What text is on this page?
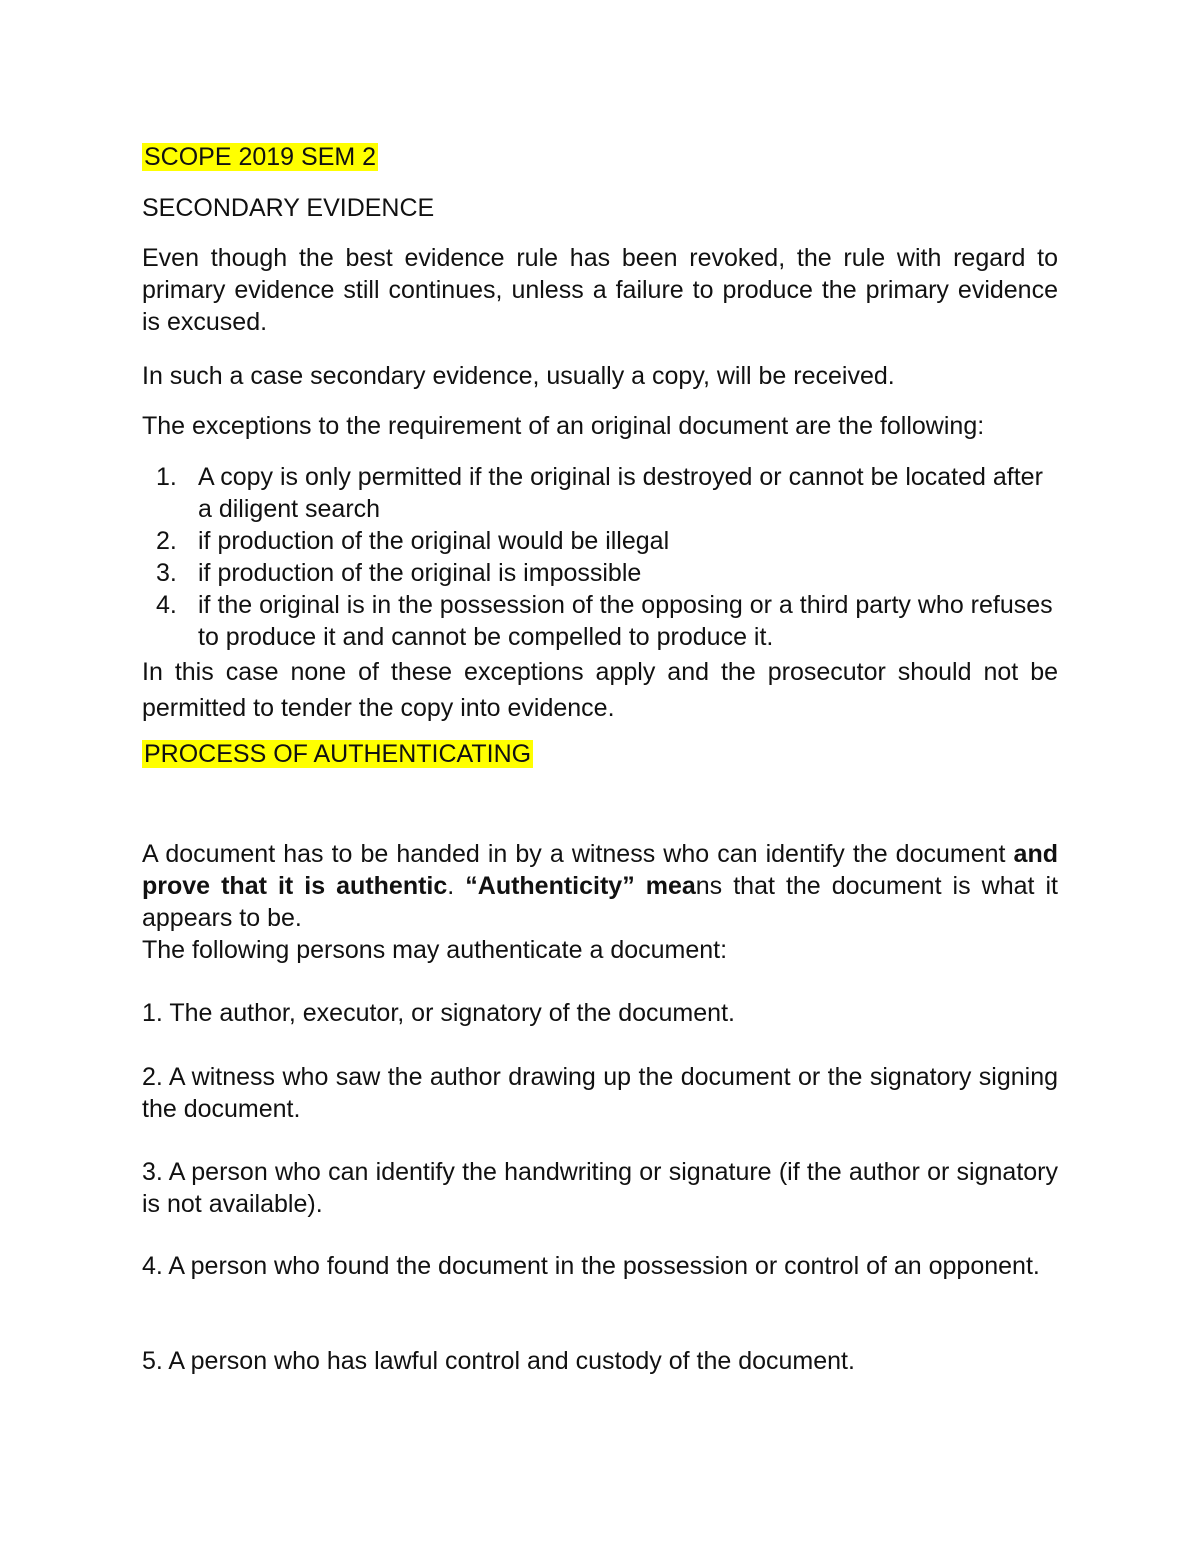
SCOPE 2019 SEM 2

SECONDARY EVIDENCE

Even though the best evidence rule has been revoked, the rule with regard to primary evidence still continues, unless a failure to produce the primary evidence is excused.

In such a case secondary evidence, usually a copy, will be received.

The exceptions to the requirement of an original document are the following:

1. A copy is only permitted if the original is destroyed or cannot be located after a diligent search
2. if production of the original would be illegal
3. if production of the original is impossible
4. if the original is in the possession of the opposing or a third party who refuses to produce it and cannot be compelled to produce it.

In this case none of these exceptions apply and the prosecutor should not be permitted to tender the copy into evidence.

PROCESS OF AUTHENTICATING

A document has to be handed in by a witness who can identify the document and prove that it is authentic. “Authenticity” means that the document is what it appears to be.

The following persons may authenticate a document:

1. The author, executor, or signatory of the document.

2. A witness who saw the author drawing up the document or the signatory signing the document.

3. A person who can identify the handwriting or signature (if the author or signatory is not available).

4. A person who found the document in the possession or control of an opponent.

5. A person who has lawful control and custody of the document.
